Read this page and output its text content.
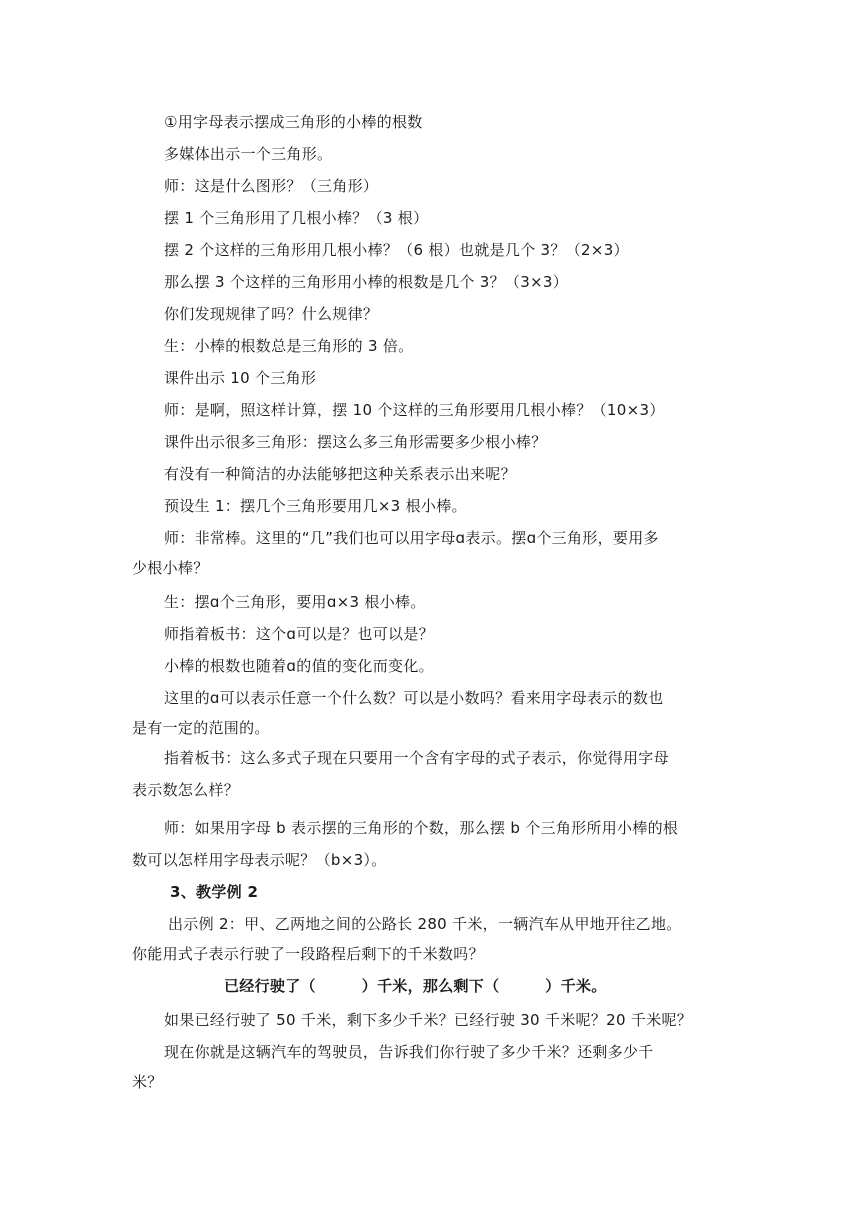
①用字母表示摆成三角形的小棒的根数
多媒体出示一个三角形。
师：这是什么图形？（三角形）
摆 1 个三角形用了几根小棒？（3 根）
摆 2 个这样的三角形用几根小棒？（6 根）也就是几个 3？（2×3）
那么摆 3 个这样的三角形用小棒的根数是几个 3？（3×3）
你们发现规律了吗？什么规律？
生：小棒的根数总是三角形的 3 倍。
课件出示 10 个三角形
师：是啊，照这样计算，摆 10 个这样的三角形要用几根小棒？（10×3）
课件出示很多三角形：摆这么多三角形需要多少根小棒？
有没有一种简洁的办法能够把这种关系表示出来呢？
预设生 1：摆几个三角形要用几×3 根小棒。
师：非常棒。这里的“几”我们也可以用字母ɑ表示。摆ɑ个三角形，要用多
少根小棒？
生：摆ɑ个三角形，要用ɑ×3 根小棒。
师指着板书：这个ɑ可以是？也可以是？
小棒的根数也随着ɑ的值的变化而变化。
这里的ɑ可以表示任意一个什么数？可以是小数吗？看来用字母表示的数也
是有一定的范围的。
指着板书：这么多式子现在只要用一个含有字母的式子表示，你觉得用字母
表示数怎么样？
师：如果用字母 b 表示摆的三角形的个数，那么摆 b 个三角形所用小棒的根
数可以怎样用字母表示呢？（b×3）。
3、教学例 2
出示例 2：甲、乙两地之间的公路长 280 千米，一辆汽车从甲地开往乙地。
你能用式子表示行驶了一段路程后剩下的千米数吗？
已经行驶了（　　　）千米，那么剩下（　　　）千米。
如果已经行驶了 50 千米，剩下多少千米？已经行驶 30 千米呢？20 千米呢？
现在你就是这辆汽车的驾驶员，告诉我们你行驶了多少千米？还剩多少千
米？
